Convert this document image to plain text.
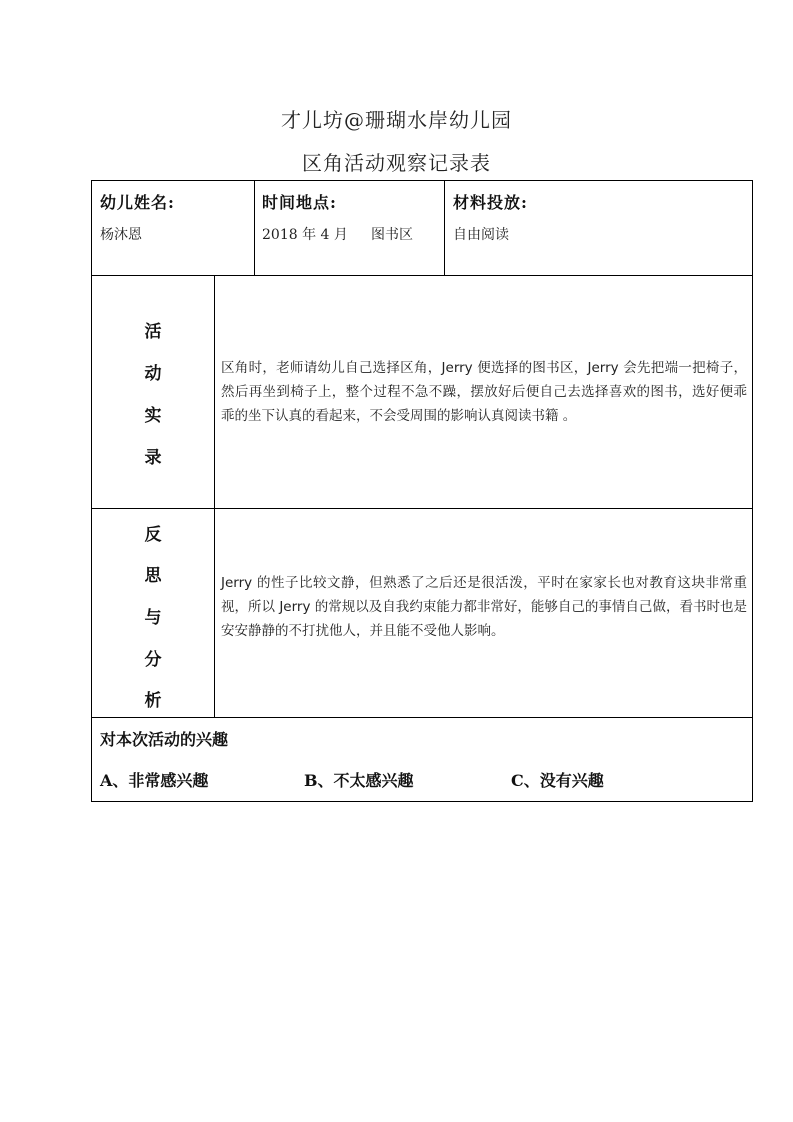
才儿坊@珊瑚水岸幼儿园
区角活动观察记录表
幼儿姓名:
杨沐恩
时间地点:
2018 年 4 月 图书区
材料投放:
自由阅读
活
动
实
录
区角时，老师请幼儿自己选择区角，Jerry 便选择的图书区，Jerry 会先把端一把椅子，然后再坐到椅子上，整个过程不急不躁，摆放好后便自己去选择喜欢的图书，选好便乖乖的坐下认真的看起来，不会受周围的影响认真阅读书籍 。
反
思
与
分
析
Jerry 的性子比较文静，但熟悉了之后还是很活泼，平时在家家长也对教育这块非常重视，所以 Jerry 的常规以及自我约束能力都非常好，能够自己的事情自己做，看书时也是安安静静的不打扰他人，并且能不受他人影响。
对本次活动的兴趣
A、非常感兴趣	B、不太感兴趣	C、没有兴趣
